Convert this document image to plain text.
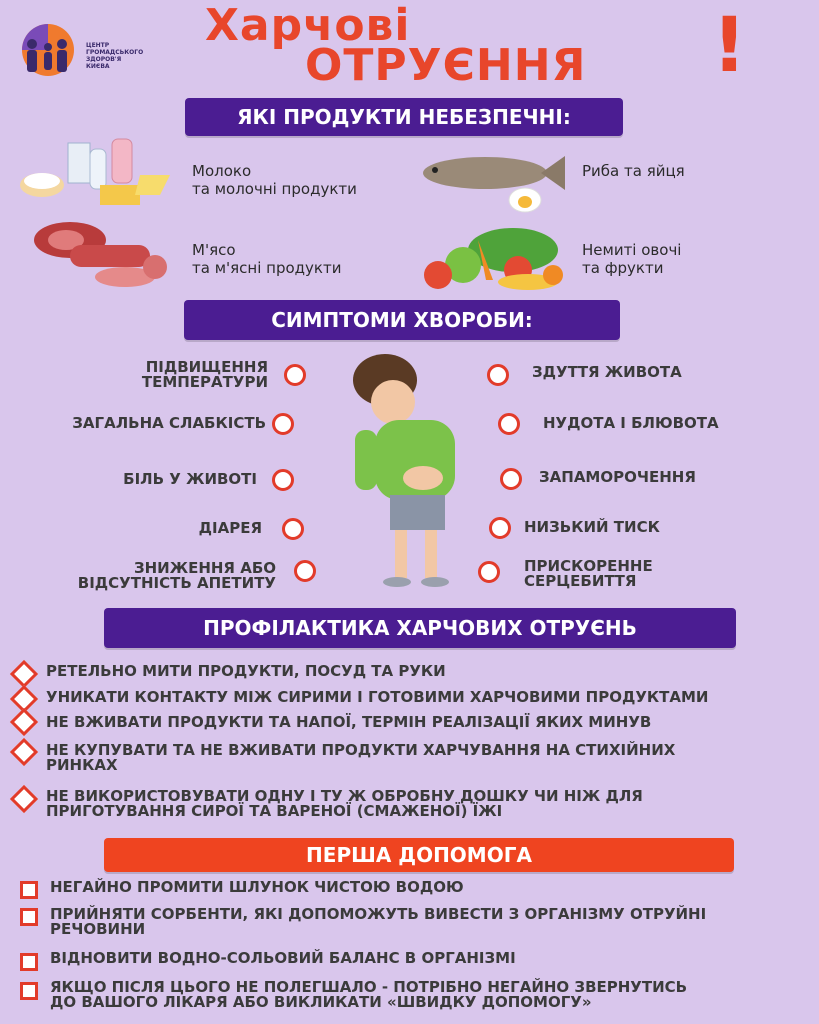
ЦЕНТР
ГРОМАДСЬКОГО
ЗДОРОВ'Я
КИЄВА
Харчові
ОТРУЄННЯ !
ЯКІ ПРОДУКТИ НЕБЕЗПЕЧНІ:
Молоко
та молочні продукти
Риба та яйця
М'ясо
та м'ясні продукти
Немиті овочі
та фрукти
СИМПТОМИ ХВОРОБИ:
ПІДВИЩЕННЯ
ТЕМПЕРАТУРИ
ЗАГАЛЬНА СЛАБКІСТЬ
БІЛЬ У ЖИВОТІ
ДІАРЕЯ
ЗНИЖЕННЯ АБО
ВІДСУТНІСТЬ АПЕТИТУ
ЗДУТТЯ ЖИВОТА
НУДОТА І БЛЮВОТА
ЗАПАМОРОЧЕННЯ
НИЗЬКИЙ ТИСК
ПРИСКОРЕННЕ
СЕРЦЕБИТТЯ
ПРОФІЛАКТИКА ХАРЧОВИХ ОТРУЄНЬ
РЕТЕЛЬНО МИТИ ПРОДУКТИ, ПОСУД ТА РУКИ
УНИКАТИ КОНТАКТУ МІЖ СИРИМИ І ГОТОВИМИ ХАРЧОВИМИ ПРОДУКТАМИ
НЕ ВЖИВАТИ ПРОДУКТИ ТА НАПОЇ, ТЕРМІН РЕАЛІЗАЦІЇ ЯКИХ МИНУВ
НЕ КУПУВАТИ ТА НЕ ВЖИВАТИ ПРОДУКТИ ХАРЧУВАННЯ НА СТИХІЙНИХ
РИНКАХ
НЕ ВИКОРИСТОВУВАТИ ОДНУ І ТУ Ж ОБРОБНУ ДОШКУ ЧИ НІЖ ДЛЯ
ПРИГОТУВАННЯ СИРОЇ ТА ВАРЕНОЇ (СМАЖЕНОЇ) ЇЖІ
ПЕРША ДОПОМОГА
НЕГАЙНО ПРОМИТИ ШЛУНОК ЧИСТОЮ ВОДОЮ
ПРИЙНЯТИ СОРБЕНТИ, ЯКІ ДОПОМОЖУТЬ ВИВЕСТИ З ОРГАНІЗМУ ОТРУЙНІ
РЕЧОВИНИ
ВІДНОВИТИ ВОДНО-СОЛЬОВИЙ БАЛАНС В ОРГАНІЗМІ
ЯКЩО ПІСЛЯ ЦЬОГО НЕ ПОЛЕГШАЛО - ПОТРІБНО НЕГАЙНО ЗВЕРНУТИСЬ
ДО ВАШОГО ЛІКАРЯ АБО ВИКЛИКАТИ «ШВИДКУ ДОПОМОГУ»
